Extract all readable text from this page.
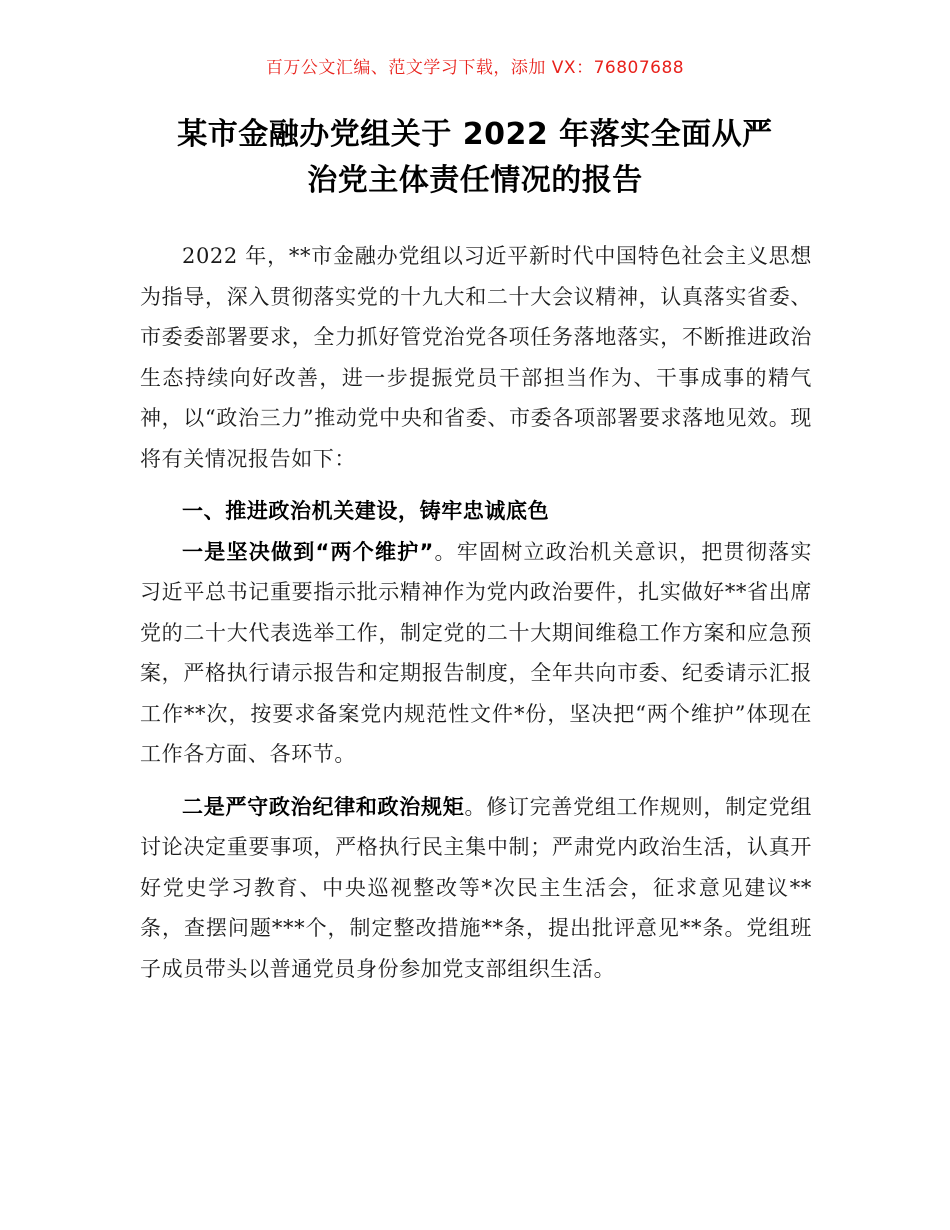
百万公文汇编、范文学习下载，添加 VX：76807688
某市金融办党组关于 2022 年落实全面从严
治党主体责任情况的报告

2022 年，**市金融办党组以习近平新时代中国特色社会主义思想为指导，深入贯彻落实党的十九大和二十大会议精神，认真落实省委、市委委部署要求，全力抓好管党治党各项任务落地落实，不断推进政治生态持续向好改善，进一步提振党员干部担当作为、干事成事的精气神，以“政治三力”推动党中央和省委、市委各项部署要求落地见效。现将有关情况报告如下：

一、推进政治机关建设，铸牢忠诚底色

一是坚决做到“两个维护”。牢固树立政治机关意识，把贯彻落实习近平总书记重要指示批示精神作为党内政治要件，扎实做好**省出席党的二十大代表选举工作，制定党的二十大期间维稳工作方案和应急预案，严格执行请示报告和定期报告制度，全年共向市委、纪委请示汇报工作**次，按要求备案党内规范性文件*份，坚决把“两个维护”体现在工作各方面、各环节。

二是严守政治纪律和政治规矩。修订完善党组工作规则，制定党组讨论决定重要事项，严格执行民主集中制；严肃党内政治生活，认真开好党史学习教育、中央巡视整改等*次民主生活会，征求意见建议**条，查摆问题***个，制定整改措施**条，提出批评意见**条。党组班子成员带头以普通党员身份参加党支部组织生活。
